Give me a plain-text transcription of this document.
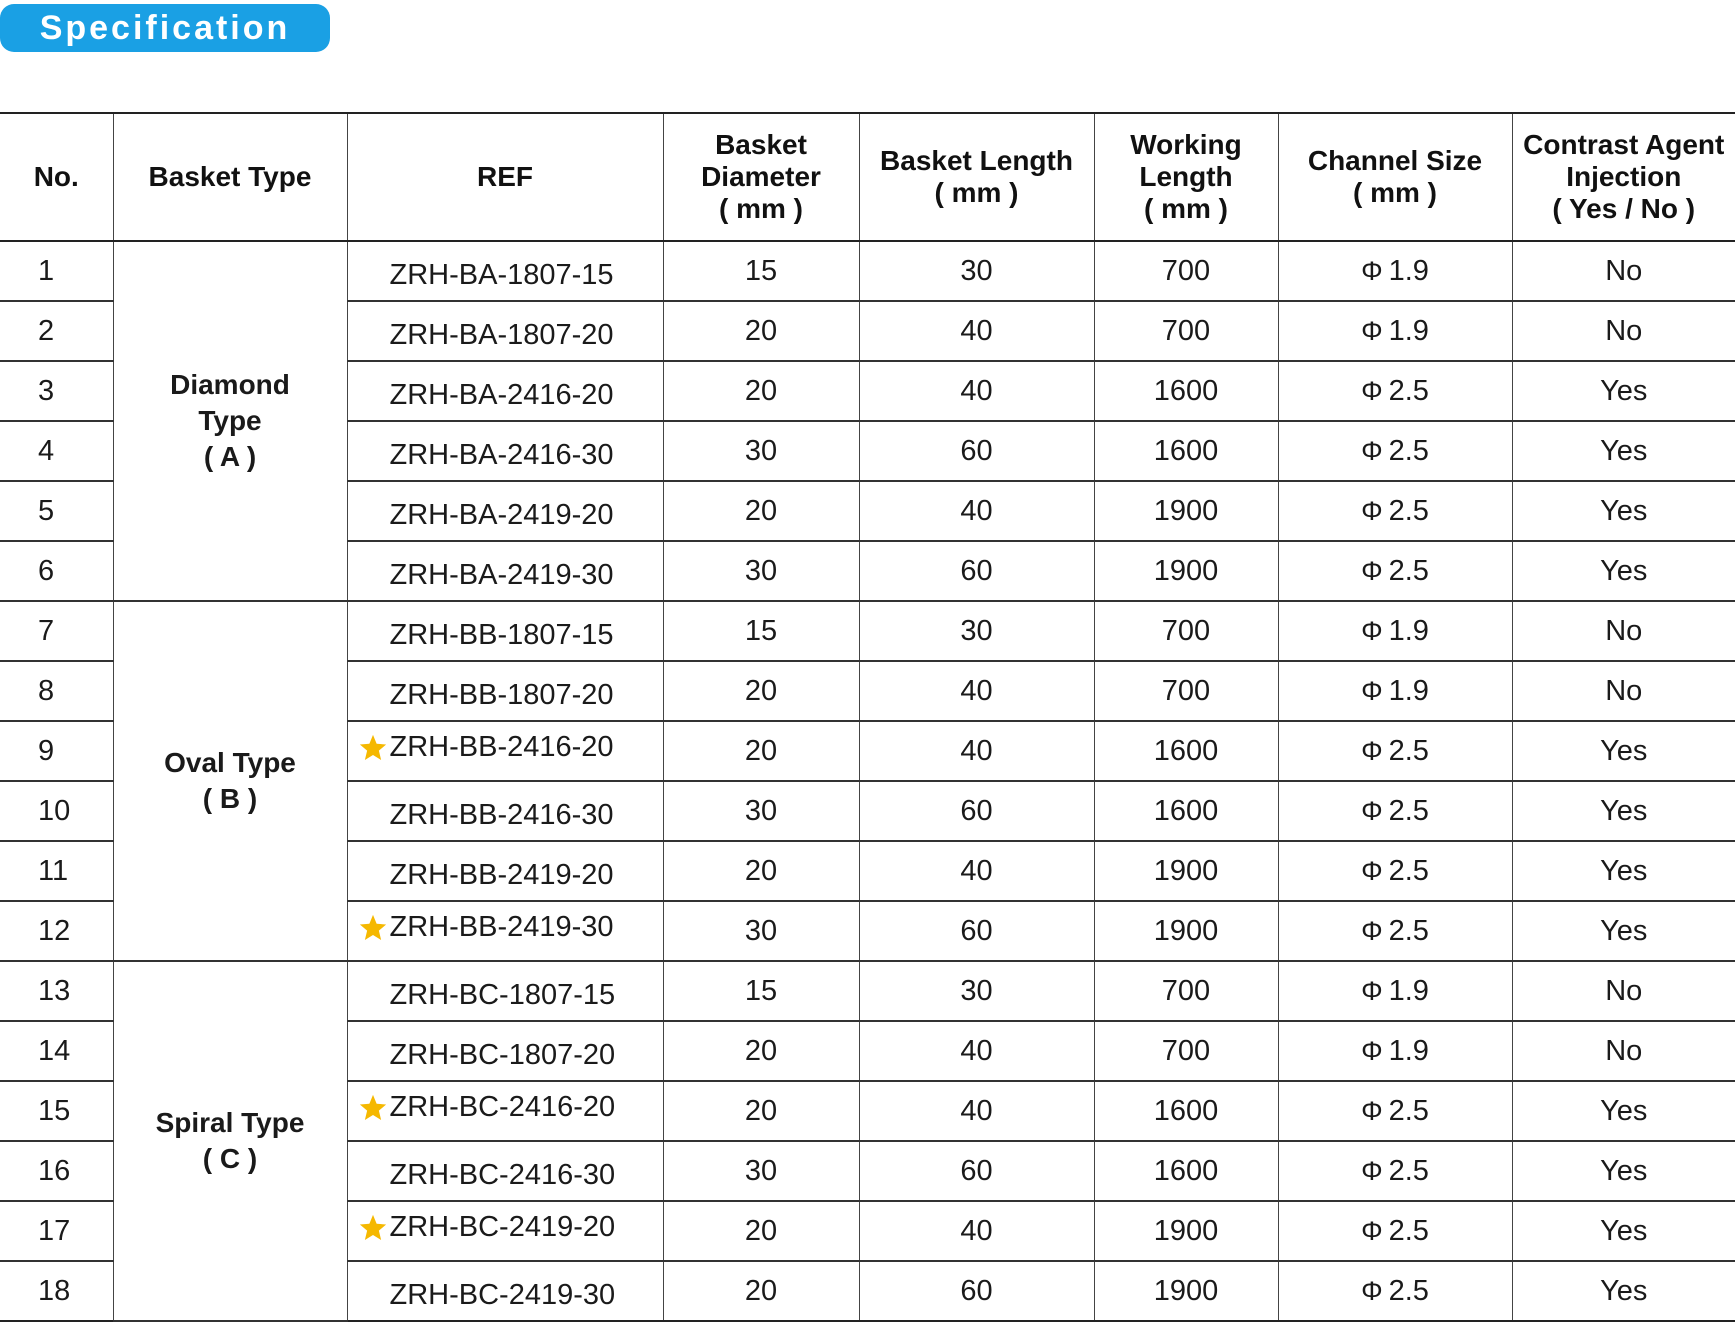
Specification
No.	Basket Type	REF	Basket
Diameter
( mm )	Basket Length
( mm )	Working
Length
( mm )	Channel Size
( mm )	Contrast Agent
Injection
( Yes / No )

1	Diamond
Type
( A )	ZRH-BA-1807-15	15	30	700	Φ 1.9	No
2		ZRH-BA-1807-20	20	40	700	Φ 1.9	No
3		ZRH-BA-2416-20	20	40	1600	Φ 2.5	Yes
4		ZRH-BA-2416-30	30	60	1600	Φ 2.5	Yes
5		ZRH-BA-2419-20	20	40	1900	Φ 2.5	Yes
6		ZRH-BA-2419-30	30	60	1900	Φ 2.5	Yes
7	Oval Type
( B )	ZRH-BB-1807-15	15	30	700	Φ 1.9	No
8		ZRH-BB-1807-20	20	40	700	Φ 1.9	No
9		ZRH-BB-2416-20	20	40	1600	Φ 2.5	Yes
10		ZRH-BB-2416-30	30	60	1600	Φ 2.5	Yes
11		ZRH-BB-2419-20	20	40	1900	Φ 2.5	Yes
12		ZRH-BB-2419-30	30	60	1900	Φ 2.5	Yes
13	Spiral Type
( C )	ZRH-BC-1807-15	15	30	700	Φ 1.9	No
14		ZRH-BC-1807-20	20	40	700	Φ 1.9	No
15		ZRH-BC-2416-20	20	40	1600	Φ 2.5	Yes
16		ZRH-BC-2416-30	30	60	1600	Φ 2.5	Yes
17		ZRH-BC-2419-20	20	40	1900	Φ 2.5	Yes
18		ZRH-BC-2419-30	20	60	1900	Φ 2.5	Yes
